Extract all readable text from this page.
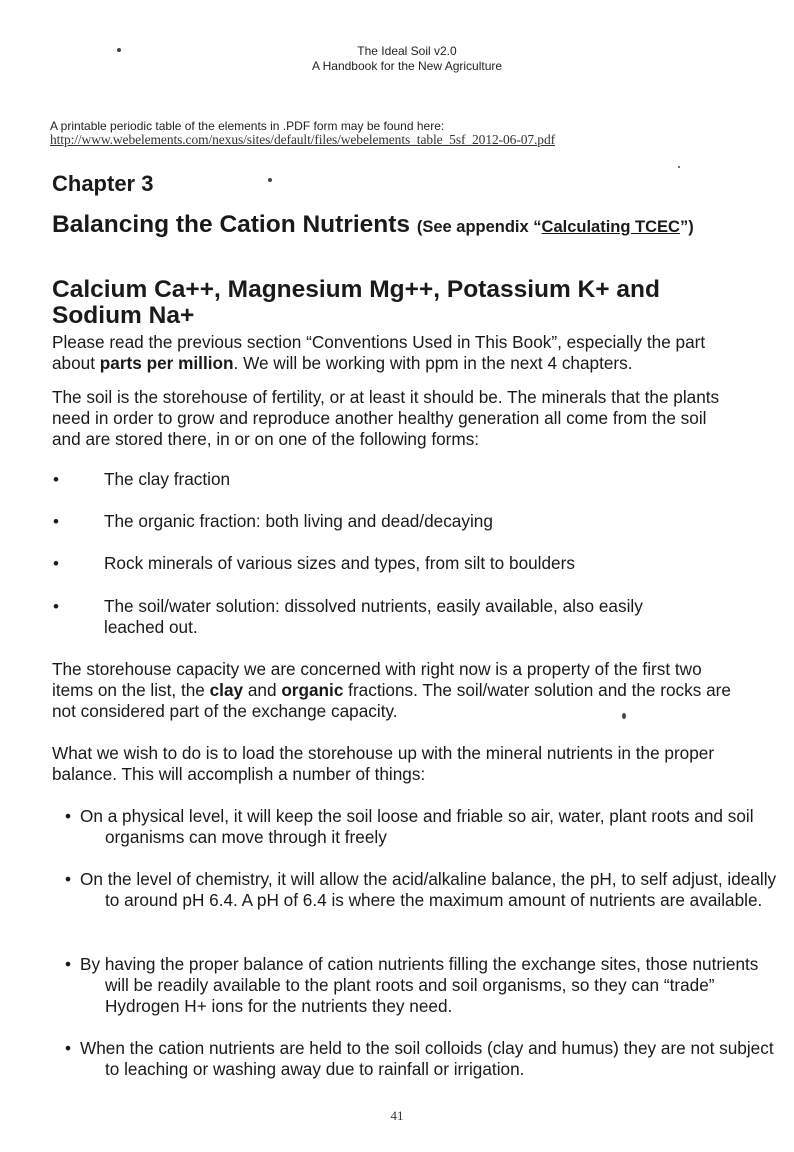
The Ideal Soil v2.0
A Handbook for the New Agriculture
A printable periodic table of the elements in .PDF form may be found here:
http://www.webelements.com/nexus/sites/default/files/webelements_table_5sf_2012-06-07.pdf
Chapter 3
Balancing the Cation Nutrients (See appendix “Calculating TCEC”)
Calcium Ca++, Magnesium Mg++, Potassium K+ and Sodium Na+
Please read the previous section “Conventions Used in This Book”, especially the part about parts per million. We will be working with ppm in the next 4 chapters.
The soil is the storehouse of fertility, or at least it should be. The minerals that the plants need in order to grow and reproduce another healthy generation all come from the soil and are stored there, in or on one of the following forms:
•	The clay fraction
•	The organic fraction: both living and dead/decaying
•	Rock minerals of various sizes and types, from silt to boulders
•	The soil/water solution: dissolved nutrients, easily available, also easily leached out.
The storehouse capacity we are concerned with right now is a property of the first two items on the list, the clay and organic fractions. The soil/water solution and the rocks are not considered part of the exchange capacity.
What we wish to do is to load the storehouse up with the mineral nutrients in the proper balance. This will accomplish a number of things:
• On a physical level, it will keep the soil loose and friable so air, water, plant roots and soil organisms can move through it freely
• On the level of chemistry, it will allow the acid/alkaline balance, the pH, to self adjust, ideally to around pH 6.4. A pH of 6.4 is where the maximum amount of nutrients are available.
• By having the proper balance of cation nutrients filling the exchange sites, those nutrients will be readily available to the plant roots and soil organisms, so they can “trade” Hydrogen H+ ions for the nutrients they need.
• When the cation nutrients are held to the soil colloids (clay and humus) they are not subject to leaching or washing away due to rainfall or irrigation.
41
